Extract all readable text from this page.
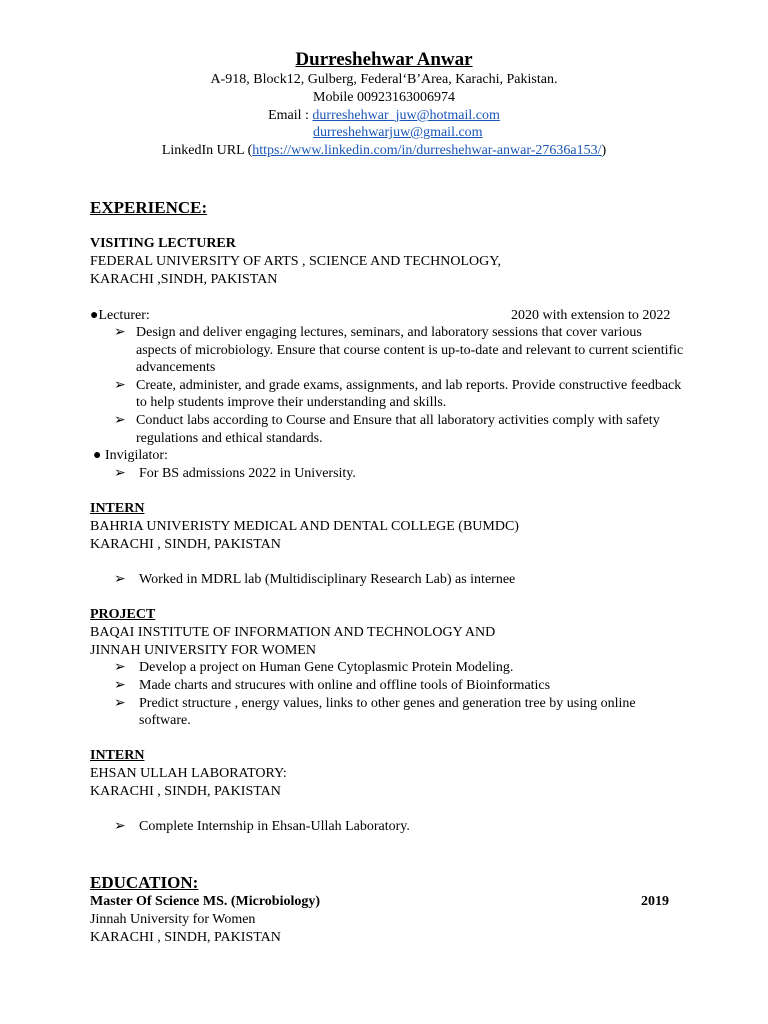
Durreshehwar Anwar
A-918, Block12, Gulberg, Federal‘B’Area, Karachi, Pakistan.
Mobile 00923163006974
Email : durreshehwar_juw@hotmail.com
durreshehwarjuw@gmail.com
LinkedIn URL (https://www.linkedin.com/in/durreshehwar-anwar-27636a153/)
EXPERIENCE:
VISITING LECTURER
FEDERAL UNIVERSITY OF ARTS , SCIENCE AND TECHNOLOGY,
KARACHI ,SINDH, PAKISTAN
●Lecturer:	2020 with extension to 2022
➢ Design and deliver engaging lectures, seminars, and laboratory sessions that cover various
aspects of microbiology. Ensure that course content is up-to-date and relevant to current scientific
advancements
➢ Create, administer, and grade exams, assignments, and lab reports. Provide constructive feedback
to help students improve their understanding and skills.
➢ Conduct labs according to Course and Ensure that all laboratory activities comply with safety
regulations and ethical standards.
● Invigilator:
➢ For BS admissions 2022 in University.
INTERN
BAHRIA UNIVERISTY MEDICAL AND DENTAL COLLEGE (BUMDC)
KARACHI , SINDH, PAKISTAN
➢ Worked in MDRL lab (Multidisciplinary Research Lab) as internee
PROJECT
BAQAI INSTITUTE OF INFORMATION AND TECHNOLOGY AND
JINNAH UNIVERSITY FOR WOMEN
➢ Develop a project on Human Gene Cytoplasmic Protein Modeling.
➢ Made charts and strucures with online and offline tools of Bioinformatics
➢ Predict structure , energy values, links to other genes and generation tree by using online
software.
INTERN
EHSAN ULLAH LABORATORY:
KARACHI , SINDH, PAKISTAN
➢ Complete Internship in Ehsan-Ullah Laboratory.
EDUCATION:
Master Of Science MS. (Microbiology)	2019
Jinnah University for Women
KARACHI , SINDH, PAKISTAN
